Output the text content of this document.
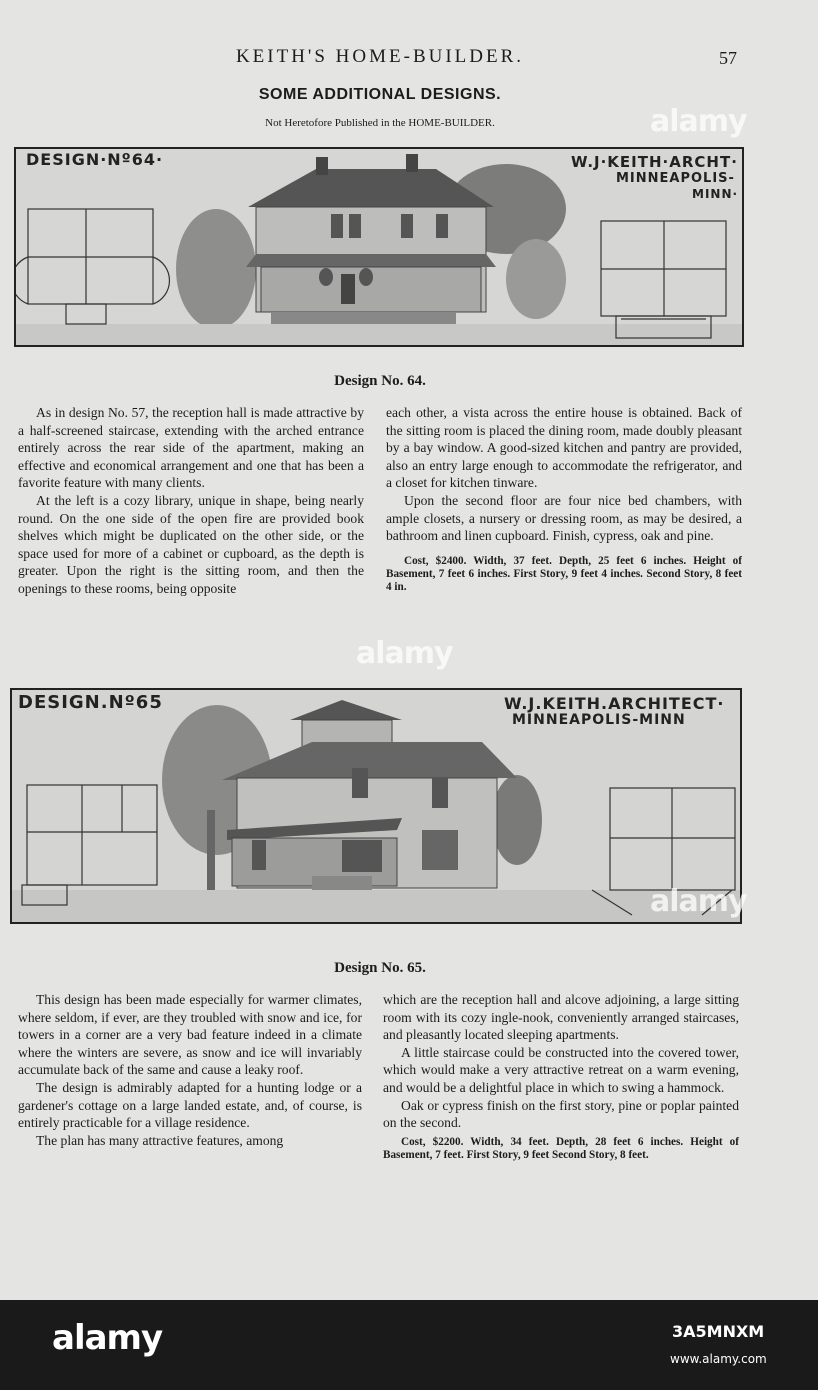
KEITH'S HOME-BUILDER.	57
SOME ADDITIONAL DESIGNS.
Not Heretofore Published in the HOME-BUILDER.
DESIGN·Nº64·	W.J·KEITH·ARCHT·
MINNEAPOLIS-
MINN·
Design No. 64.

As in design No. 57, the reception hall is made attractive by a half-screened staircase, extending with the arched entrance entirely across the rear side of the apartment, making an effective and economical arrangement and one that has been a favorite feature with many clients.

At the left is a cozy library, unique in shape, being nearly round. On the one side of the open fire are provided book shelves which might be duplicated on the other side, or the space used for more of a cabinet or cupboard, as the depth is greater. Upon the right is the sitting room, and then the openings to these rooms, being opposite

each other, a vista across the entire house is obtained. Back of the sitting room is placed the dining room, made doubly pleasant by a bay window. A good-sized kitchen and pantry are provided, also an entry large enough to accommodate the refrigerator, and a closet for kitchen tinware.

Upon the second floor are four nice bed chambers, with ample closets, a nursery or dressing room, as may be desired, a bathroom and linen cupboard. Finish, cypress, oak and pine.

Cost, $2400. Width, 37 feet. Depth, 25 feet 6 inches. Height of Basement, 7 feet 6 inches. First Story, 9 feet 4 inches. Second Story, 8 feet 4 in.
DESIGN.Nº65	W.J.KEITH.ARCHITECT·
MINNEAPOLIS-MINN
Design No. 65.

This design has been made especially for warmer climates, where seldom, if ever, are they troubled with snow and ice, for towers in a corner are a very bad feature indeed in a climate where the winters are severe, as snow and ice will invariably accumulate back of the same and cause a leaky roof.

The design is admirably adapted for a hunting lodge or a gardener's cottage on a large landed estate, and, of course, is entirely practicable for a village residence.

The plan has many attractive features, among

which are the reception hall and alcove adjoining, a large sitting room with its cozy ingle-nook, conveniently arranged staircases, and pleasantly located sleeping apartments.

A little staircase could be constructed into the covered tower, which would make a very attractive retreat on a warm evening, and would be a delightful place in which to swing a hammock.

Oak or cypress finish on the first story, pine or poplar painted on the second.

Cost, $2200. Width, 34 feet. Depth, 28 feet 6 inches. Height of Basement, 7 feet. First Story, 9 feet Second Story, 8 feet.
alamy
alamy
alamy
alamy	3A5MNXM
www.alamy.com
